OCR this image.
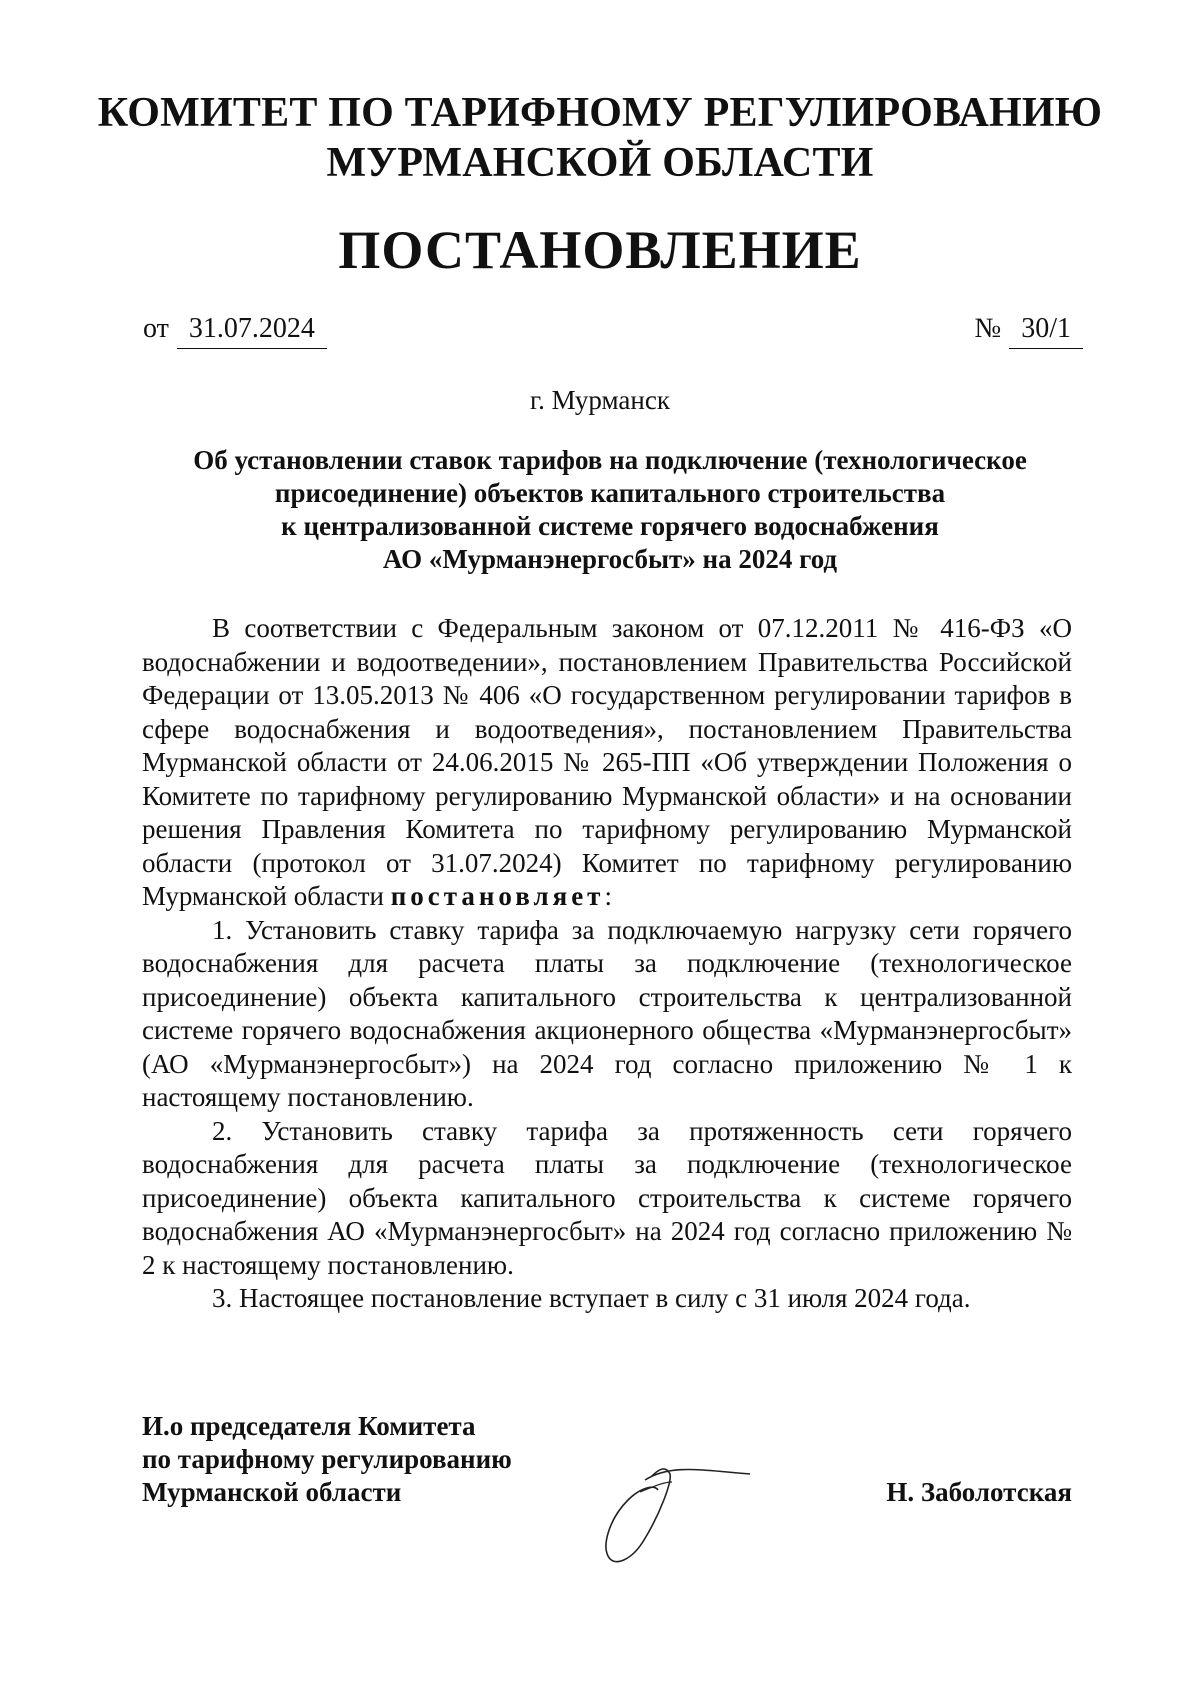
КОМИТЕТ ПО ТАРИФНОМУ РЕГУЛИРОВАНИЮ
МУРМАНСКОЙ ОБЛАСТИ
ПОСТАНОВЛЕНИЕ
от 31.07.2024	№ 30/1
г. Мурманск
Об установлении ставок тарифов на подключение (технологическое
присоединение) объектов капитального строительства
к централизованной системе горячего водоснабжения
АО «Мурманэнергосбыт» на 2024 год

В соответствии с Федеральным законом от 07.12.2011 № 416-ФЗ «О водоснабжении и водоотведении», постановлением Правительства Российской Федерации от 13.05.2013 № 406 «О государственном регулировании тарифов в сфере водоснабжения и водоотведения», постановлением Правительства Мурманской области от 24.06.2015 № 265-ПП «Об утверждении Положения о Комитете по тарифному регулированию Мурманской области» и на основании решения Правления Комитета по тарифному регулированию Мурманской области (протокол от 31.07.2024) Комитет по тарифному регулированию Мурманской области постановляет:

1. Установить ставку тарифа за подключаемую нагрузку сети горячего водоснабжения для расчета платы за подключение (технологическое присоединение) объекта капитального строительства к централизованной системе горячего водоснабжения акционерного общества «Мурманэнергосбыт» (АО «Мурманэнергосбыт») на 2024 год согласно приложению № 1 к настоящему постановлению.

2. Установить ставку тарифа за протяженность сети горячего водоснабжения для расчета платы за подключение (технологическое присоединение) объекта капитального строительства к системе горячего водоснабжения АО «Мурманэнергосбыт» на 2024 год согласно приложению № 2 к настоящему постановлению.

3. Настоящее постановление вступает в силу с 31 июля 2024 года.

И.о председателя Комитета
по тарифному регулированию
Мурманской области	Н. Заболотская
